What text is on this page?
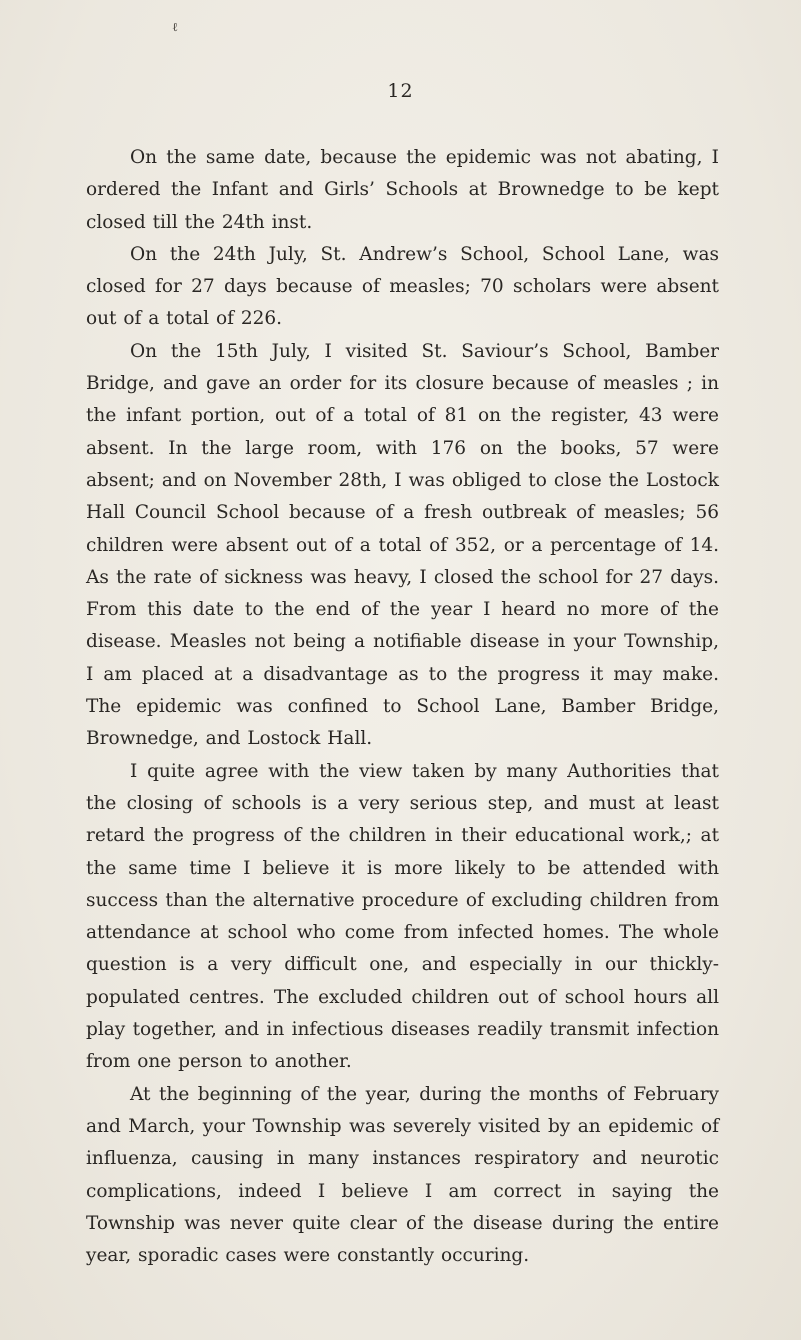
ℓ
12

On the same date, because the epidemic was not abating, I ordered the Infant and Girls’ Schools at Brownedge to be kept closed till the 24th inst.

On the 24th July, St. Andrew’s School, School Lane, was closed for 27 days because of measles; 70 scholars were absent out of a total of 226.

On the 15th July, I visited St. Saviour’s School, Bamber Bridge, and gave an order for its closure because of measles ; in the infant portion, out of a total of 81 on the register, 43 were absent. In the large room, with 176 on the books, 57 were absent; and on November 28th, I was obliged to close the Lostock Hall Council School because of a fresh outbreak of measles; 56 children were absent out of a total of 352, or a percentage of 14. As the rate of sickness was heavy, I closed the school for 27 days. From this date to the end of the year I heard no more of the disease. Measles not being a notifiable disease in your Township, I am placed at a disadvantage as to the progress it may make. The epidemic was confined to School Lane, Bamber Bridge, Brownedge, and Lostock Hall.

I quite agree with the view taken by many Authorities that the closing of schools is a very serious step, and must at least retard the progress of the children in their educational work,; at the same time I believe it is more likely to be attended with success than the alternative procedure of excluding children from attendance at school who come from infected homes. The whole question is a very difficult one, and especially in our thickly-populated centres. The excluded children out of school hours all play together, and in infectious diseases readily transmit infection from one person to another.

At the beginning of the year, during the months of February and March, your Township was severely visited by an epidemic of influenza, causing in many instances respiratory and neurotic complications, indeed I believe I am correct in saying the Township was never quite clear of the disease during the entire year, sporadic cases were constantly occuring.
